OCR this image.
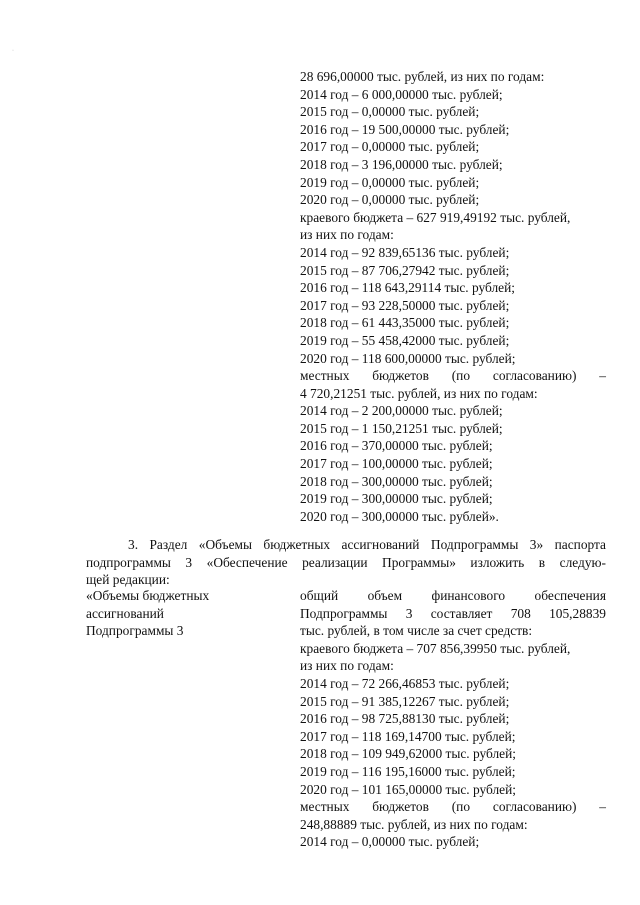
·
28 696,00000 тыс. рублей, из них по годам:
2014 год – 6 000,00000 тыс. рублей;
2015 год – 0,00000 тыс. рублей;
2016 год – 19 500,00000 тыс. рублей;
2017 год – 0,00000 тыс. рублей;
2018 год – 3 196,00000 тыс. рублей;
2019 год – 0,00000 тыс. рублей;
2020 год – 0,00000 тыс. рублей;
краевого бюджета – 627 919,49192 тыс. рублей,
из них по годам:
2014 год – 92 839,65136 тыс. рублей;
2015 год – 87 706,27942 тыс. рублей;
2016 год – 118 643,29114 тыс. рублей;
2017 год – 93 228,50000 тыс. рублей;
2018 год – 61 443,35000 тыс. рублей;
2019 год – 55 458,42000 тыс. рублей;
2020 год – 118 600,00000 тыс. рублей;
местных бюджетов (по согласованию) –
4 720,21251 тыс. рублей, из них по годам:
2014 год – 2 200,00000 тыс. рублей;
2015 год – 1 150,21251 тыс. рублей;
2016 год – 370,00000 тыс. рублей;
2017 год – 100,00000 тыс. рублей;
2018 год – 300,00000 тыс. рублей;
2019 год – 300,00000 тыс. рублей;
2020 год – 300,00000 тыс. рублей».
3. Раздел «Объемы бюджетных ассигнований Подпрограммы 3» паспорта
подпрограммы 3 «Обеспечение реализации Программы» изложить в следую-
щей редакции:
«Объемы бюджетных
ассигнований
Подпрограммы 3
общий объем финансового обеспечения
Подпрограммы 3 составляет 708 105,28839
тыс. рублей, в том числе за счет средств:
краевого бюджета – 707 856,39950 тыс. рублей,
из них по годам:
2014 год – 72 266,46853 тыс. рублей;
2015 год – 91 385,12267 тыс. рублей;
2016 год – 98 725,88130 тыс. рублей;
2017 год – 118 169,14700 тыс. рублей;
2018 год – 109 949,62000 тыс. рублей;
2019 год – 116 195,16000 тыс. рублей;
2020 год – 101 165,00000 тыс. рублей;
местных бюджетов (по согласованию) –
248,88889 тыс. рублей, из них по годам:
2014 год – 0,00000 тыс. рублей;
